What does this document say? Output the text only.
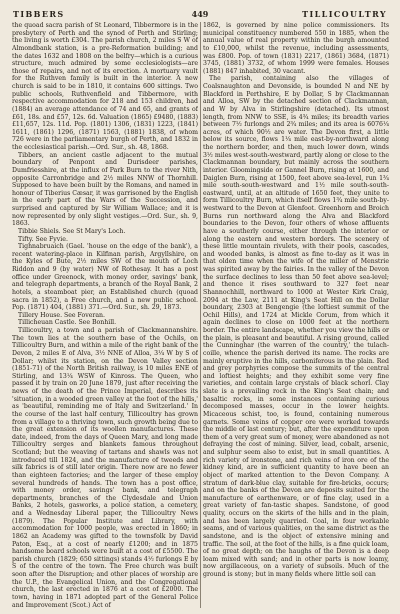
TIBBERS	449	TILLICOULTRY

the quoad sacra parish of St Leonard, Tibbermore is in the presbytery of Perth and the synod of Perth and Stirling; the living is worth £304. The parish church, 2 miles S W of Almondbank station, is a pre-Reformation building; and the dates 1632 and 1808 on the belfry—which is a curious structure, much admired by some ecclesiologists—are those of repairs, and not of its erection. A mortuary vault for the Ruthven family is built in the interior. A new church is said to be in 1810, it contains 600 sittings. Two public schools, Ruthvenfield and Tibbermore, with respective accommodation for 218 and 153 children, had (1884) an average attendance of 74 and 65, and grants of £61, 18s. and £57, 12s. 6d. Valuation (1865) £9480, (1883) £11,657, 12s. 11d. Pop. (1801) 1306, (1831) 1223, (1841) 1611, (1861) 1296, (1871) 1563, (1881) 1838, of whom 726 were in the parliamentary burgh of Perth, and 1832 in the ecclesiastical parish.—Ord. Sur., sh. 48, 1868.

Tibbers, an ancient castle adjacent to the mutual boundary of Penpont and Durisdeer parishes, Dumfriesshire, at the influx of Park Burn to the river Nith, opposite Carronbridge and 2½ miles NNW of Thornhill. Supposed to have been built by the Romans, and named in honour of Tiberius Cæsar, it was garrisoned by the English in the early part of the Wars of the Succession, and surprised and captured by Sir William Wallace; and it is now represented by only slight vestiges.—Ord. Sur., sh. 9, 1863.

Tibbie Shiels. See St Mary's Loch.

Tifty. See Fyvie.

Tighnabruaich (Gael. 'house on the edge of the bank'), a recent watering-place in Kilfinan parish, Argyllshire, on the Kyles of Bute, 2½ miles SW of the mouth of Loch Riddon and 9 (by water) NW of Rothesay. It has a post office under Greenock, with money order, savings' bank, and telegraph departments, a branch of the Royal Bank, 2 hotels, a steamboat pier, an Established church (quoad sacra in 1852), a Free church, and a new public school. Pop. (1871) 404, (1881) 371.—Ord. Sur., sh. 29, 1873.

Tillery House. See Foveran.

Tillicheuan Castle. See Bonhill.

Tillicoultry, a town and a parish of Clackmannanshire. The town lies at the southern base of the Ochils, on Tillicoultry Burn, and within a mile of the right bank of the Devon, 2 miles E of Alva, 3½ NNE of Alloa, 3¼ W by S of Dollar; whilst its station, on the Devon Valley section (1851-71) of the North British railway, is 10 miles ENE of Stirling, and 13¼ WSW of Kinross. The Queen, who passed it by train on 20 June 1879, just after receiving the news of the death of the Prince Imperial, describes its 'situation, in a wooded green valley at the foot of the hills,' as 'beautiful, reminding me of Italy and Switzerland.' In the course of the last half century, Tillicoultry has grown from a village to a thriving town, such growth being due to the great extension of its woollen manufactures. These date, indeed, from the days of Queen Mary, and long made Tillicoultry serges and blankets famous throughout Scotland; but the weaving of tartans and shawls was not introduced till 1824, and the manufacture of tweeds and silk fabrics is of still later origin. There now are no fewer than eighteen factories; and the larger of these employ several hundreds of hands. The town has a post office, with money order, savings' bank, and telegraph departments, branches of the Clydesdale and Union Banks, 2 hotels, gasworks, a police station, a cemetery, and a Wednesday Liberal paper, the Tillicoultry News (1879). The Popular Institute and Library, with accommodation for 1000 people, was erected in 1860; in 1862 an Academy was gifted to the townsfolk by David Paton, Esq., at a cost of nearly £1200; and in 1875 handsome board schools were built at a cost of £5500. The parish church (1829; 650 sittings) stands 4½ furlongs E by S of the centre of the town. The Free church was built soon after the Disruption; and other places of worship are the U.P., the Evangelical Union, and the Congregational church, the last erected in 1876 at a cost of £2000. The town, having in 1871 adopted part of the General Police and Improvement (Scot.) Act of

1862, is governed by nine police commissioners. Its municipal constituency numbered 550 in 1885, when the annual value of real property within the burgh amounted to £10,000, whilst the revenue, including assessments, was £800. Pop. of town (1831) 2217, (1861) 3684, (1871) 3745, (1881) 3732, of whom 1999 were females. Houses (1881) 847 inhabited, 30 vacant.

The parish, containing also the villages of Coalsnaughton and Devonside, is bounded N and NE by Blackford in Perthshire, E by Dollar, S by Clackmannan and Alloa, SW by the detached section of Clackmannan, and W by Alva in Stirlingshire (detached). Its utmost length, from NNW to SSE, is 4¾ miles; its breadth varies between 7½ furlongs and 2¾ miles; and its area is 6076¼ acres, of which 90½ are water. The Devon first, a little below its source, flows 1¼ mile east-by-northward along the northern border, and then, much lower down, winds 3½ miles west-south-westward, partly along or close to the Clackmannan boundary, but mainly across the southern interior. Gloomingside or Gannel Burn, rising at 1600, and Daiglen Burn, rising at 1500, feet above sea-level, run 1¾ mile south-south-westward and 1½ mile south-south-eastward, until, at an altitude of 1650 feet, they unite to form Tillicoultry Burn, which itself flows 1¾ mile south-by-westward to the Devon at Glenfoot. Greenhorn and Broich Burns run northward along the Alva and Blackford boundaries to the Devon, four others of whose affluents have a southerly course, either through the interior or along the eastern and western borders. The scenery of these little mountain rivulets, with their pools, cascades, and wooded banks, is almost as fine to-day as it was in that olden time when the wife of the miller of Menstrie was spirited away by the fairies. In the valley of the Devon the surface declines to less than 50 feet above sea-level; and thence it rises southward to 327 feet near Shannochhill, northward to 1000 at Wester Kirk Craig, 2094 at the Law, 2111 at King's Seat Hill on the Dollar boundary, 2303 at Bengengie (the loftiest summit of the Ochil Hills), and 1724 at Mickle Corum, from which it again declines to close on 1000 feet at the northern border. The entire landscape, whether you view the hills or the plain, is pleasant and beautiful. A rising ground, called the Cunninghar (the warren of the country,' the tulach-coille, whence the parish derived its name. The rocks are mainly eruptive in the hills, carboniferous in the plain. Red and grey porphyries compose the summits of the central and loftiest heights; and they exhibit some very fine varieties, and contain large crystals of black schorl. Clay slate is a prevailing rock in the King's Seat chain; and basaltic rocks, in some instances containing curious decomposed masses, occur in the lower heights. Micaceous schist, too, is found, containing numerous garnets. Some veins of copper ore were worked towards the middle of last century; but, after the expenditure upon them of a very great sum of money, were abandoned as not defraying the cost of mining. Silver, lead, cobalt, arsenic, and sulphur seem also to exist, but in small quantities. A rich variety of ironstone, and rich veins of iron ore of the kidney kind, are in sufficient quantity to have been an object of marked attention to the Devon Company. A stratum of dark-blue clay, suitable for fire-bricks, occurs; and on the banks of the Devon are deposits suited for the manufacture of earthenware, or of fine clay, used in a great variety of fan-tastic shapes. Sandstone, of good quality, occurs on the skirts of the hills and in the plain, and has been largely quarried. Coal, in four workable seams, and of various qualities, on the same district as the sandstone, and is the object of extensive mining and traffic. The soil, at the foot of the hills, is a fine quick loam, of no great depth; on the haughs of the Devon is a deep loam mixed with sand; and in other parts is now loamy, now argillaceous, on a variety of subsoils. Much of the ground is stony; but in many fields where little soil can
